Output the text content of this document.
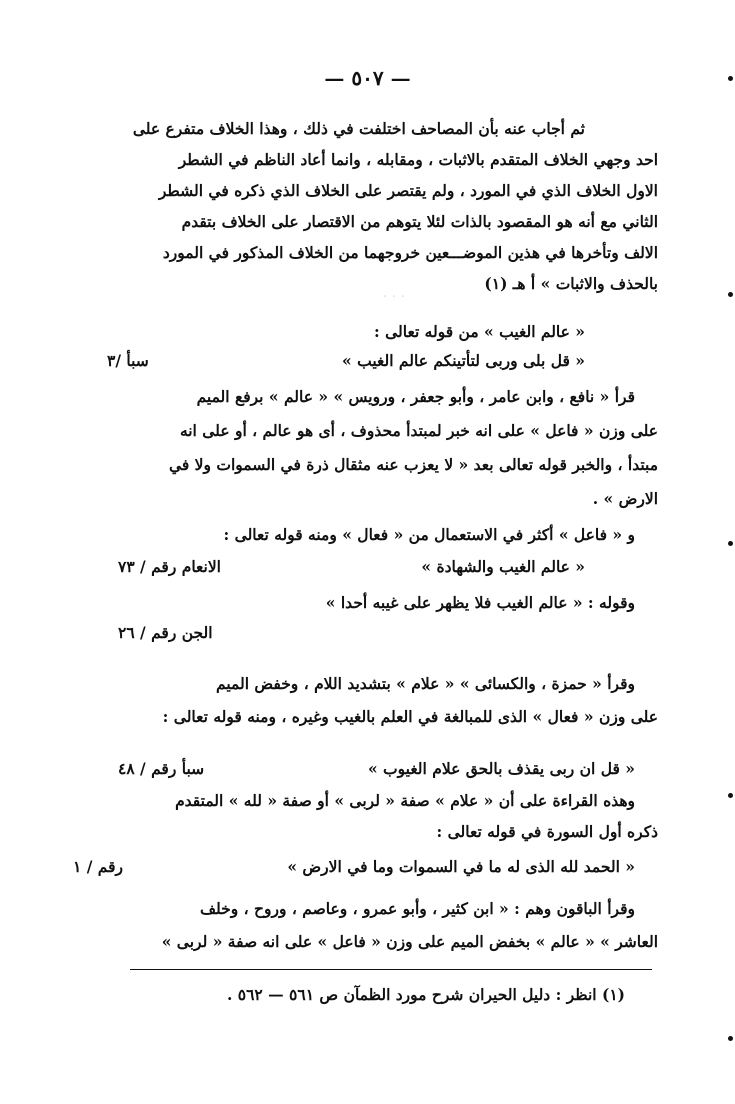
— ٥٠٧ —
ثم أجاب عنه بأن المصاحف اختلفت في ذلك ، وهذا الخلاف متفرع على
احد وجهي الخلاف المتقدم بالاثبات ، ومقابله ، وانما أعاد الناظم في الشطر
الاول الخلاف الذي في المورد ، ولم يقتصر على الخلاف الذي ذكره في الشطر
الثاني مع أنه هو المقصود بالذات لئلا يتوهم من الاقتصار على الخلاف بتقدم
الالف وتأخرها في هذين الموضـــعين خروجهما من الخلاف المذكور في المورد
بالحذف والاثبات » أ هـ (١)
· · ·
« عالم الغيب » من قوله تعالى :
« قل بلى وربى لتأتينكم عالم الغيب »
سبأ /٣
قرأ « نافع ، وابن عامر ، وأبو جعفر ، ورويس » « عالم » برفع الميم
على وزن « فاعل » على انه خبر لمبتدأ محذوف ، أى هو عالم ، أو على انه
مبتدأ ، والخبر قوله تعالى بعد « لا يعزب عنه مثقال ذرة في السموات ولا في
الارض » .
و « فاعل » أكثر في الاستعمال من « فعال » ومنه قوله تعالى :
« عالم الغيب والشهادة »
الانعام رقم / ٧٣
وقوله : « عالم الغيب فلا يظهر على غيبه أحدا »
الجن رقم / ٢٦
وقرأ « حمزة ، والكسائى » « علام » بتشديد اللام ، وخفض الميم
على وزن « فعال » الذى للمبالغة في العلم بالغيب وغيره ، ومنه قوله تعالى :
« قل ان ربى يقذف بالحق علام الغيوب »
سبأ رقم / ٤٨
وهذه القراءة على أن « علام » صفة « لربى » أو صفة « لله » المتقدم
ذكره أول السورة في قوله تعالى :
« الحمد لله الذى له ما في السموات وما في الارض »
رقم / ١
وقرأ الباقون وهم : « ابن كثير ، وأبو عمرو ، وعاصم ، وروح ، وخلف
العاشر » « عالم » بخفض الميم على وزن « فاعل » على انه صفة « لربى »
(١) انظر : دليل الحيران شرح مورد الظمآن ص ٥٦١ — ٥٦٢ .
